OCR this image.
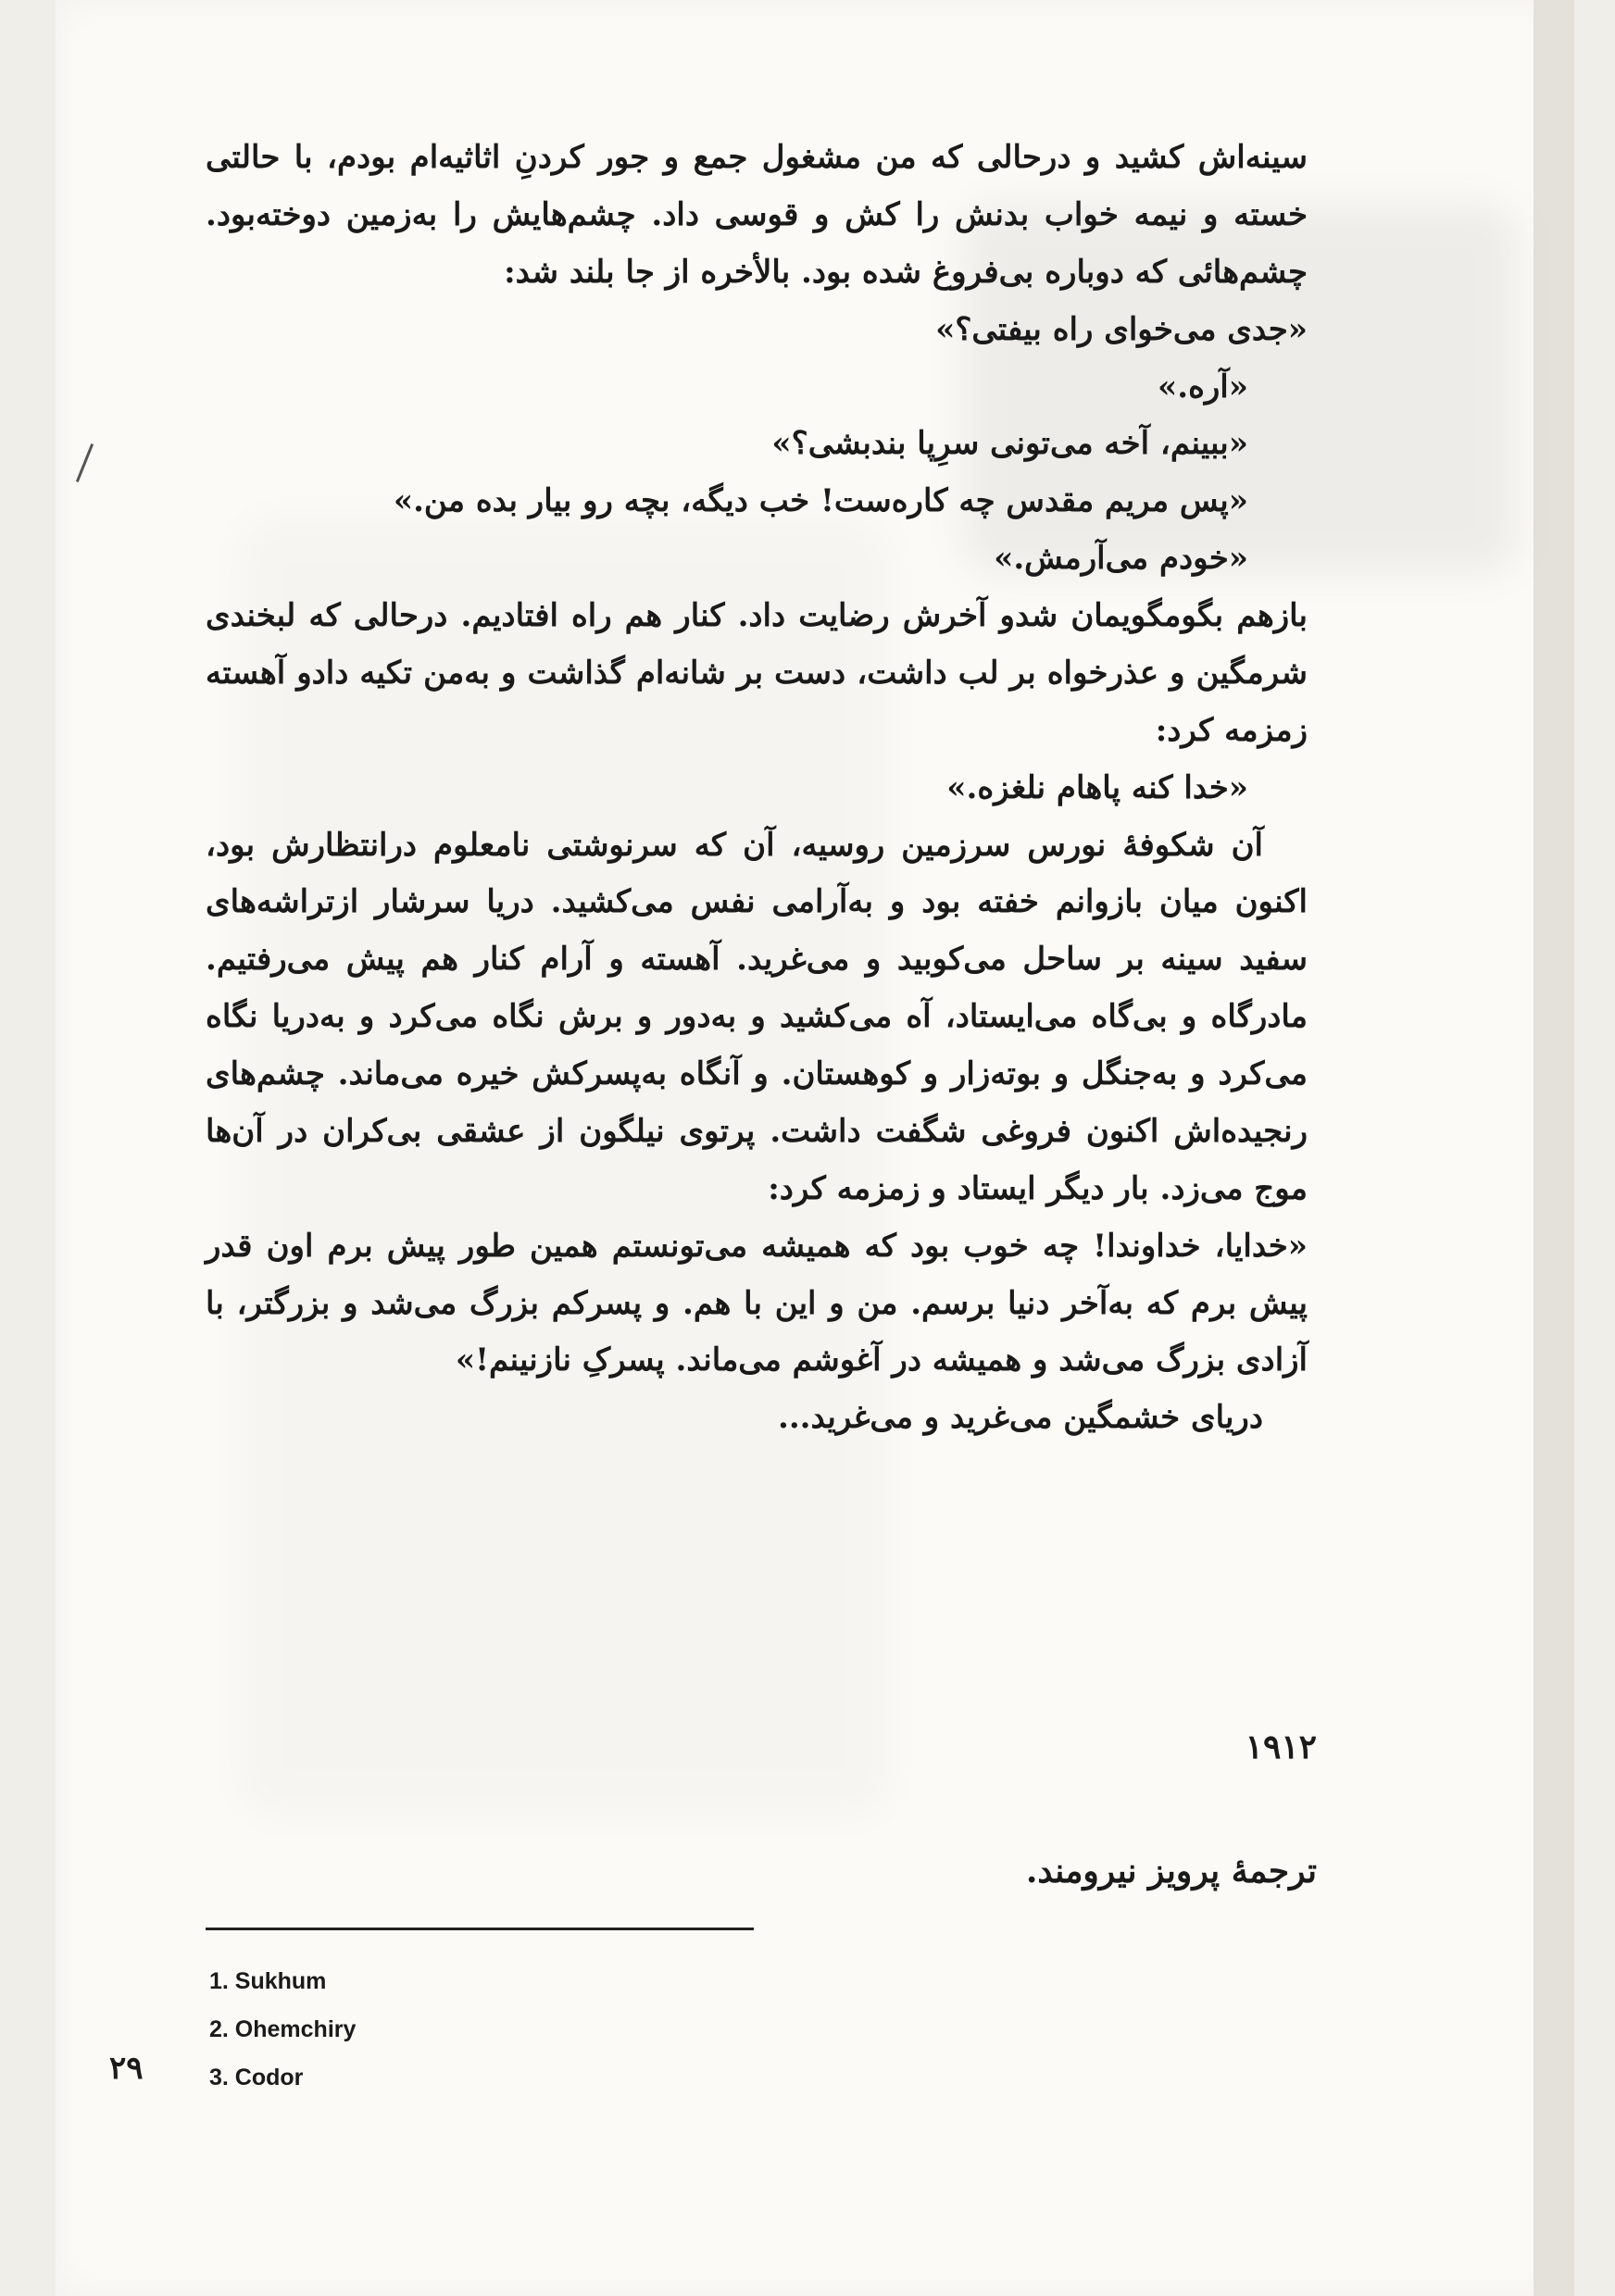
سینه‌اش کشید و درحالی که من مشغول جمع و جور کردنِ اثاثیه‌ام بودم، با حالتی خسته و نیمه خواب بدنش را کش و قوسی داد. چشم‌هایش را به‌زمین دوخته‌بود. چشم‌هائی که دوباره بی‌فروغ شده بود. بالأخره از جا بلند شد:

«جدی می‌خوای راه بیفتی؟»

«آره.»

«ببینم، آخه می‌تونی سرِپا بندبشی؟»

«پس مریم مقدس چه کاره‌ست! خب دیگه، بچه رو بیار بده من.»

«خودم می‌آرمش.»

بازهم بگومگویمان شدو آخرش رضایت داد. کنار هم راه افتادیم. درحالی که لبخندی شرمگین و عذرخواه بر لب داشت، دست بر شانه‌ام گذاشت و به‌من تکیه دادو آهسته زمزمه کرد:

«خدا کنه پاهام نلغزه.»

آن شکوفهٔ نورس سرزمین روسیه، آن که سرنوشتی نامعلوم درانتظارش بود، اکنون میان بازوانم خفته بود و به‌آرامی نفس می‌کشید. دریا سرشار ازتراشه‌های سفید سینه بر ساحل می‌کوبید و می‌غرید. آهسته و آرام کنار هم پیش می‌رفتیم. مادرگاه و بی‌گاه می‌ایستاد، آه می‌کشید و به‌دور و برش نگاه می‌کرد و به‌دریا نگاه می‌کرد و به‌جنگل و بوته‌زار و کوهستان. و آنگاه به‌پسرکش خیره می‌ماند. چشم‌های رنجیده‌اش اکنون فروغی شگفت داشت. پرتوی نیلگون از عشقی بی‌کران در آن‌ها موج می‌زد. بار دیگر ایستاد و زمزمه کرد:

«خدایا، خداوندا! چه خوب بود که همیشه می‌تونستم همین طور پیش برم اون قدر پیش برم که به‌آخر دنیا برسم. من و این با هم. و پسرکم بزرگ می‌شد و بزرگتر، با آزادی بزرگ می‌شد و همیشه در آغوشم می‌ماند. پسرکِ نازنینم!»

دریای خشمگین می‌غرید و می‌غرید...

۱۹۱۲
ترجمهٔ پرویز نیرومند.
1. Sukhum
2. Ohemchiry
3. Codor
۲۹
